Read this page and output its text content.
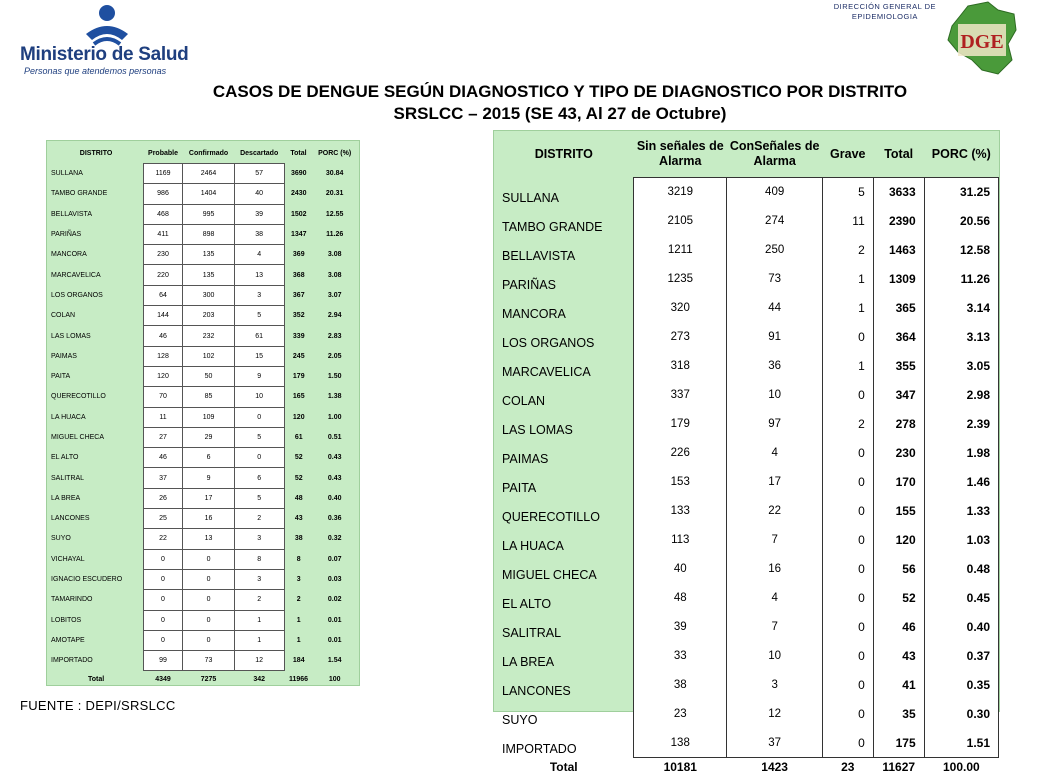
Ministerio de Salud
Personas que atendemos personas
DIRECCIÓN GENERAL DE
EPIDEMIOLOGIA
DGE
CASOS DE DENGUE SEGÚN DIAGNOSTICO Y TIPO DE DIAGNOSTICO POR DISTRITO
SRSLCC – 2015 (SE 43, Al 27 de Octubre)
DISTRITO	Probable	Confirmado	Descartado	Total	PORC (%)
SULLANA	1169	2464	57	3690	30.84
TAMBO GRANDE	986	1404	40	2430	20.31
BELLAVISTA	468	995	39	1502	12.55
PARIÑAS	411	898	38	1347	11.26
MANCORA	230	135	4	369	3.08
MARCAVELICA	220	135	13	368	3.08
LOS ORGANOS	64	300	3	367	3.07
COLAN	144	203	5	352	2.94
LAS LOMAS	46	232	61	339	2.83
PAIMAS	128	102	15	245	2.05
PAITA	120	50	9	179	1.50
QUERECOTILLO	70	85	10	165	1.38
LA HUACA	11	109	0	120	1.00
MIGUEL CHECA	27	29	5	61	0.51
EL ALTO	46	6	0	52	0.43
SALITRAL	37	9	6	52	0.43
LA BREA	26	17	5	48	0.40
LANCONES	25	16	2	43	0.36
SUYO	22	13	3	38	0.32
VICHAYAL	0	0	8	8	0.07
IGNACIO ESCUDERO	0	0	3	3	0.03
TAMARINDO	0	0	2	2	0.02
LOBITOS	0	0	1	1	0.01
AMOTAPE	0	0	1	1	0.01
IMPORTADO	99	73	12	184	1.54
Total	4349	7275	342	11966	100
DISTRITO	Sin señales de Alarma	ConSeñales de Alarma	Grave	Total	PORC (%)
SULLANA	3219	409	5	3633	31.25
TAMBO GRANDE	2105	274	11	2390	20.56
BELLAVISTA	1211	250	2	1463	12.58
PARIÑAS	1235	73	1	1309	11.26
MANCORA	320	44	1	365	3.14
LOS ORGANOS	273	91	0	364	3.13
MARCAVELICA	318	36	1	355	3.05
COLAN	337	10	0	347	2.98
LAS LOMAS	179	97	2	278	2.39
PAIMAS	226	4	0	230	1.98
PAITA	153	17	0	170	1.46
QUERECOTILLO	133	22	0	155	1.33
LA HUACA	113	7	0	120	1.03
MIGUEL CHECA	40	16	0	56	0.48
EL ALTO	48	4	0	52	0.45
SALITRAL	39	7	0	46	0.40
LA BREA	33	10	0	43	0.37
LANCONES	38	3	0	41	0.35
SUYO	23	12	0	35	0.30
IMPORTADO	138	37	0	175	1.51
Total	10181	1423	23	11627	100.00
FUENTE : DEPI/SRSLCC
